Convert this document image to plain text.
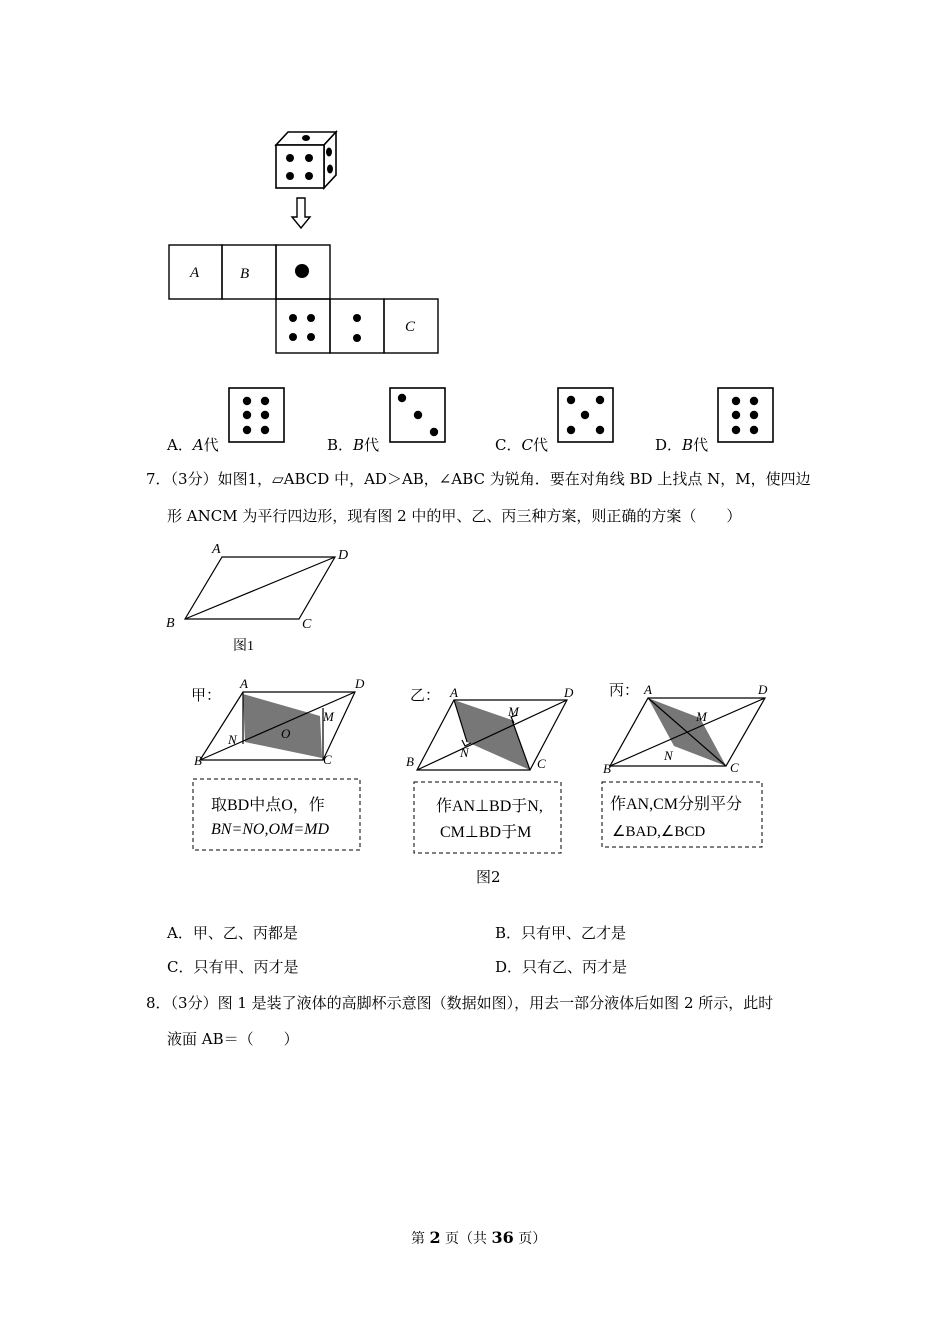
A	B
C
A．A代	B．B代	C．C代	D．B代
7．（3分）如图1，▱ABCD 中，AD＞AB，∠ABC 为锐角．要在对角线 BD 上找点 N，M，使四边
形 ANCM 为平行四边形，现有图 2 中的甲、乙、丙三种方案，则正确的方案（　　）
A	D
B	C
图1
甲：
A	D
M
N	O
B	C
取BD中点O，作
BN=NO,OM=MD
乙： A	D
M
N
B	C
作AN⊥BD于N,
CM⊥BD于M
丙： A	D
M
N
B	C
作AN,CM分别平分
∠BAD,∠BCD
图2
A．甲、乙、丙都是	B．只有甲、乙才是
C．只有甲、丙才是	D．只有乙、丙才是
8．（3分）图 1 是装了液体的高脚杯示意图（数据如图），用去一部分液体后如图 2 所示，此时
液面 AB＝（　　）
第 2 页（共 36 页）
